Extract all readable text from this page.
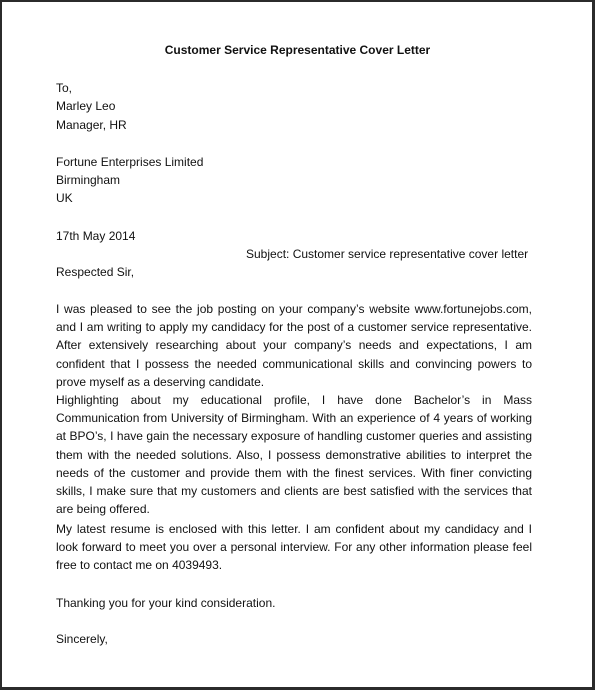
Customer Service Representative Cover Letter
To,
Marley Leo
Manager, HR
Fortune Enterprises Limited
Birmingham
UK
17th May 2014
Subject: Customer service representative cover letter
Respected Sir,

I was pleased to see the job posting on your company’s website www.fortunejobs.com, and I am writing to apply my candidacy for the post of a customer service representative. After extensively researching about your company’s needs and expectations, I am confident that I possess the needed communicational skills and convincing powers to prove myself as a deserving candidate.

Highlighting about my educational profile, I have done Bachelor’s in Mass Communication from University of Birmingham. With an experience of 4 years of working at BPO’s, I have gain the necessary exposure of handling customer queries and assisting them with the needed solutions. Also, I possess demonstrative abilities to interpret the needs of the customer and provide them with the finest services. With finer convicting skills, I make sure that my customers and clients are best satisfied with the services that are being offered.

My latest resume is enclosed with this letter. I am confident about my candidacy and I look forward to meet you over a personal interview. For any other information please feel free to contact me on 4039493.

Thanking you for your kind consideration.

Sincerely,
